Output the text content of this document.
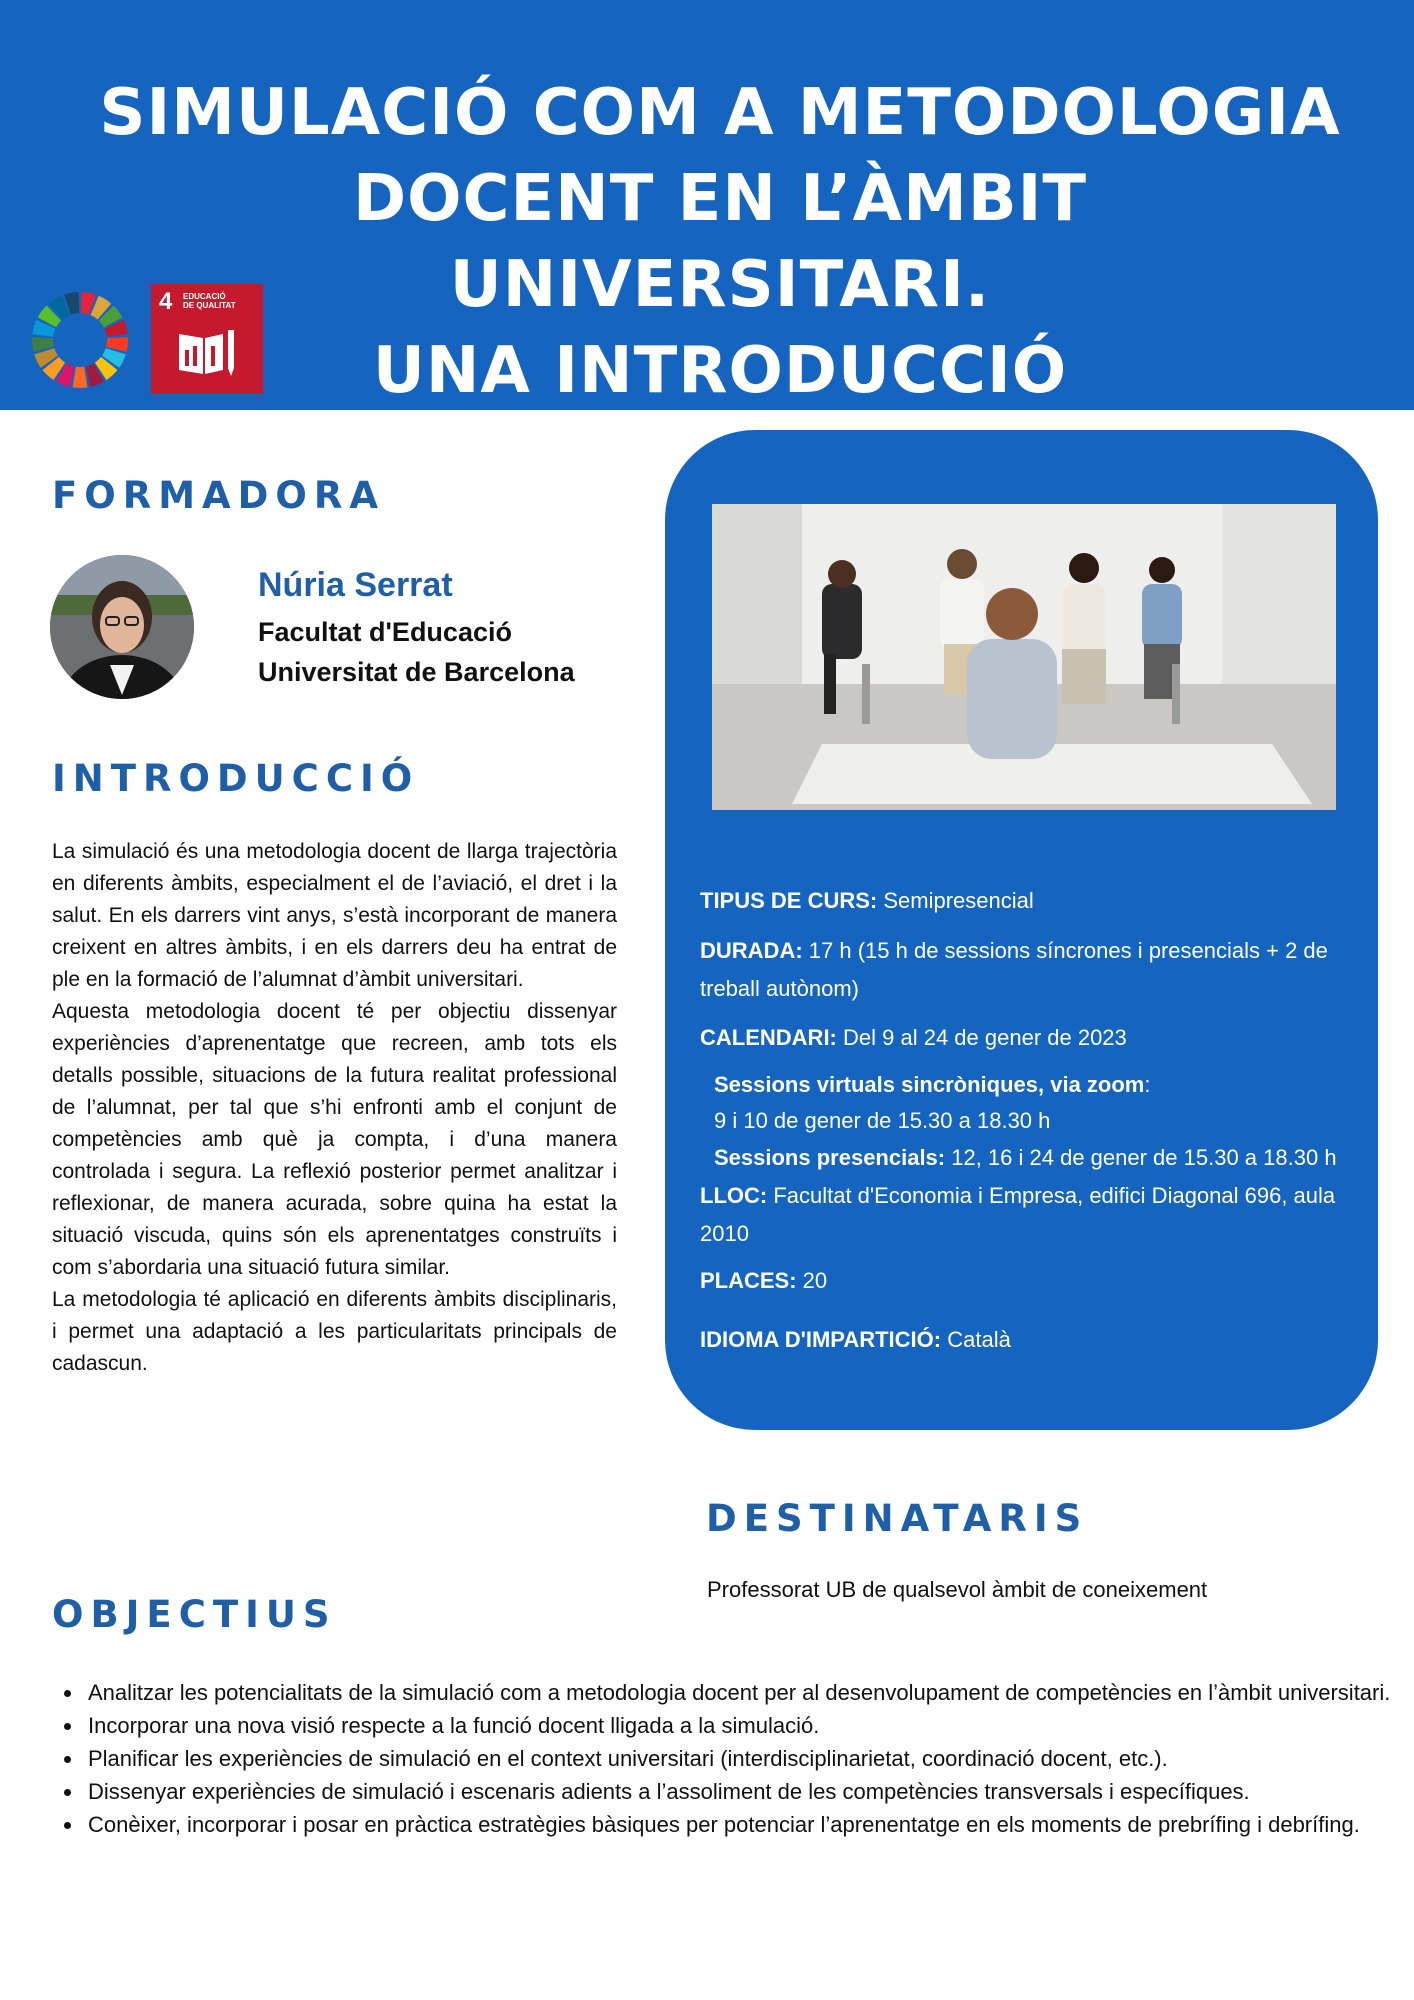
SIMULACIÓ COM A METODOLOGIA
DOCENT EN L’ÀMBIT UNIVERSITARI.
UNA INTRODUCCIÓ
4 EDUCACIÓ
DE QUALITAT
FORMADORA
Núria Serrat
Facultat d'Educació
Universitat de Barcelona
INTRODUCCIÓ

La simulació és una metodologia docent de llarga trajectòria en diferents àmbits, especialment el de l’aviació, el dret i la salut. En els darrers vint anys, s’està incorporant de manera creixent en altres àmbits, i en els darrers deu ha entrat de ple en la formació de l’alumnat d’àmbit universitari.

Aquesta metodologia docent té per objectiu dissenyar experiències d’aprenentatge que recreen, amb tots els detalls possible, situacions de la futura realitat professional de l’alumnat, per tal que s’hi enfronti amb el conjunt de competències amb què ja compta, i d’una manera controlada i segura. La reflexió posterior permet analitzar i reflexionar, de manera acurada, sobre quina ha estat la situació viscuda, quins són els aprenentatges construïts i com s’abordaria una situació futura similar.

La metodologia té aplicació en diferents àmbits disciplinaris, i permet una adaptació a les particularitats principals de cadascun.

TIPUS DE CURS: Semipresencial
DURADA: 17 h (15 h de sessions síncrones i presencials + 2 de treball autònom)
CALENDARI: Del 9 al 24 de gener de 2023
Sessions virtuals sincròniques, via zoom:
9 i 10 de gener de 15.30 a 18.30 h
Sessions presencials: 12, 16 i 24 de gener de 15.30 a 18.30 h
LLOC: Facultat d'Economia i Empresa, edifici Diagonal 696, aula 2010
PLACES: 20
IDIOMA D'IMPARTICIÓ: Català
DESTINATARIS
Professorat UB de qualsevol àmbit de coneixement
OBJECTIUS
• Analitzar les potencialitats de la simulació com a metodologia docent per al desenvolupament de competències en l’àmbit universitari.
• Incorporar una nova visió respecte a la funció docent lligada a la simulació.
• Planificar les experiències de simulació en el context universitari (interdisciplinarietat, coordinació docent, etc.).
• Dissenyar experiències de simulació i escenaris adients a l’assoliment de les competències transversals i específiques.
• Conèixer, incorporar i posar en pràctica estratègies bàsiques per potenciar l’aprenentatge en els moments de prebrífing i debrífing.
